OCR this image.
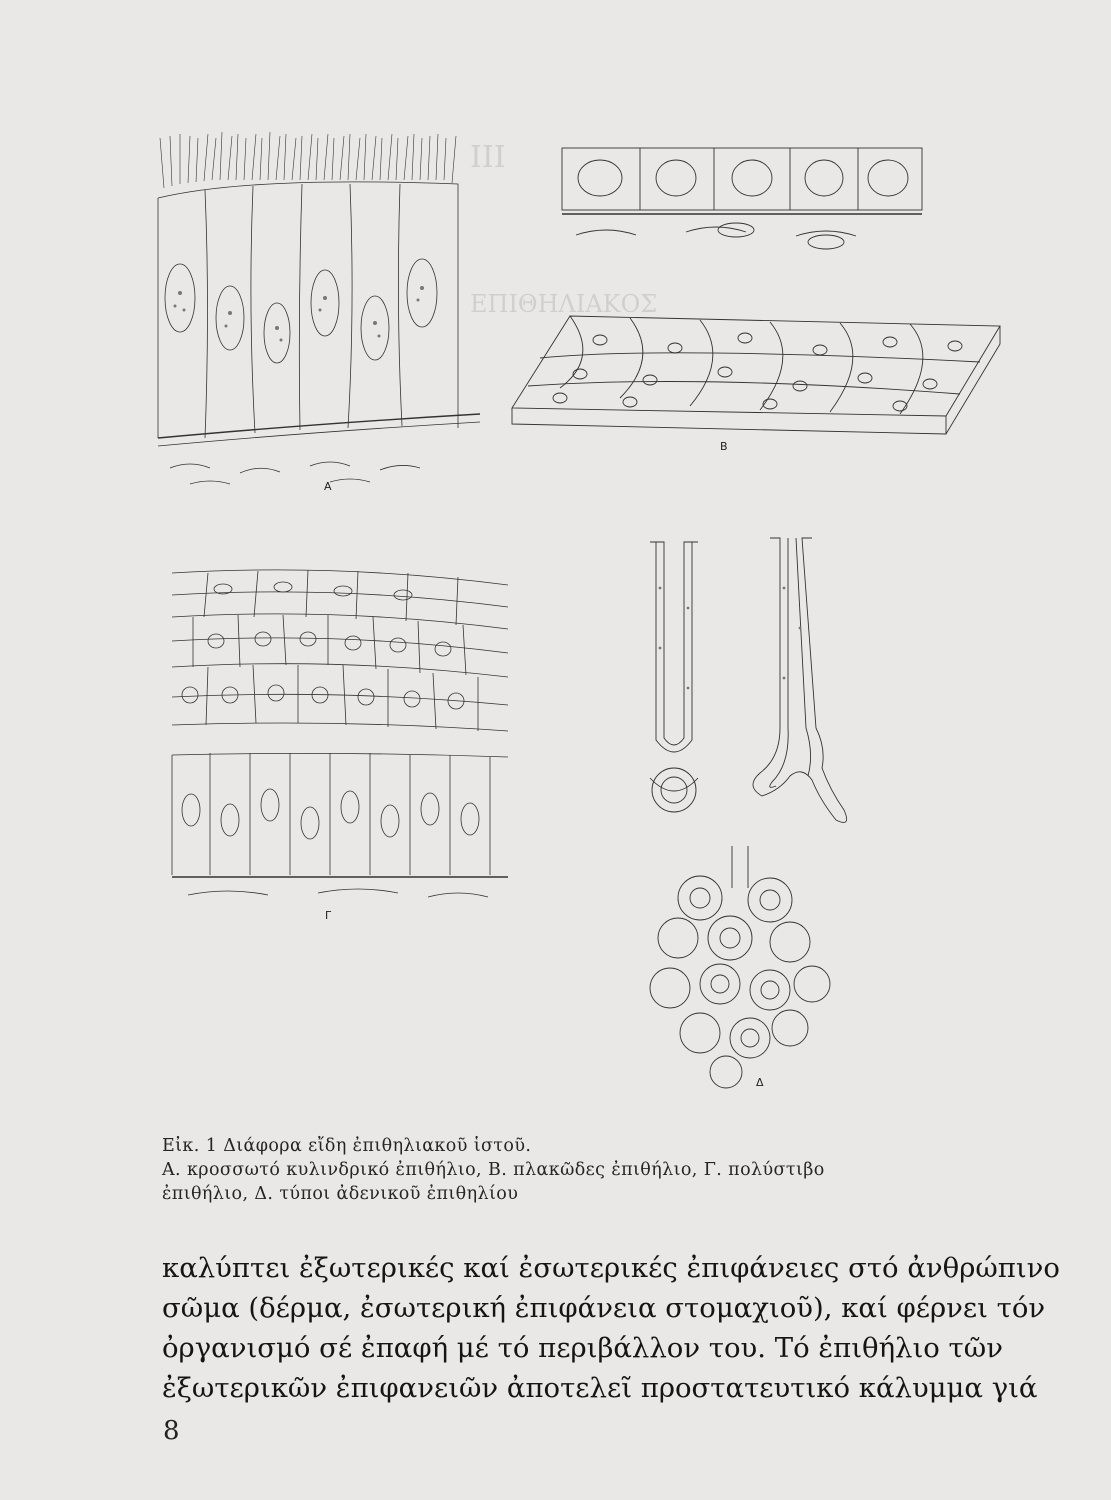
ΙΙΙ
ΕΠΙΘΗΛΙΑΚΟΣ
Α
Β
Γ
Δ
Εἰκ. 1 Διάφορα εἴδη ἐπιθηλιακοῦ ἱστοῦ.
Α. κροσσωτό κυλινδρικό ἐπιθήλιο, Β. πλακῶδες ἐπιθήλιο, Γ. πολύστιβο
ἐπιθήλιο, Δ. τύποι ἀδενικοῦ ἐπιθηλίου
καλύπτει ἐξωτερικές καί ἐσωτερικές ἐπιφάνειες στό ἀνθρώπινο
σῶμα (δέρμα, ἐσωτερική ἐπιφάνεια στομαχιοῦ), καί φέρνει τόν
ὀργανισμό σέ ἐπαφή μέ τό περιβάλλον του. Τό ἐπιθήλιο τῶν
ἐξωτερικῶν ἐπιφανειῶν ἀποτελεῖ προστατευτικό κάλυμμα γιά
8
